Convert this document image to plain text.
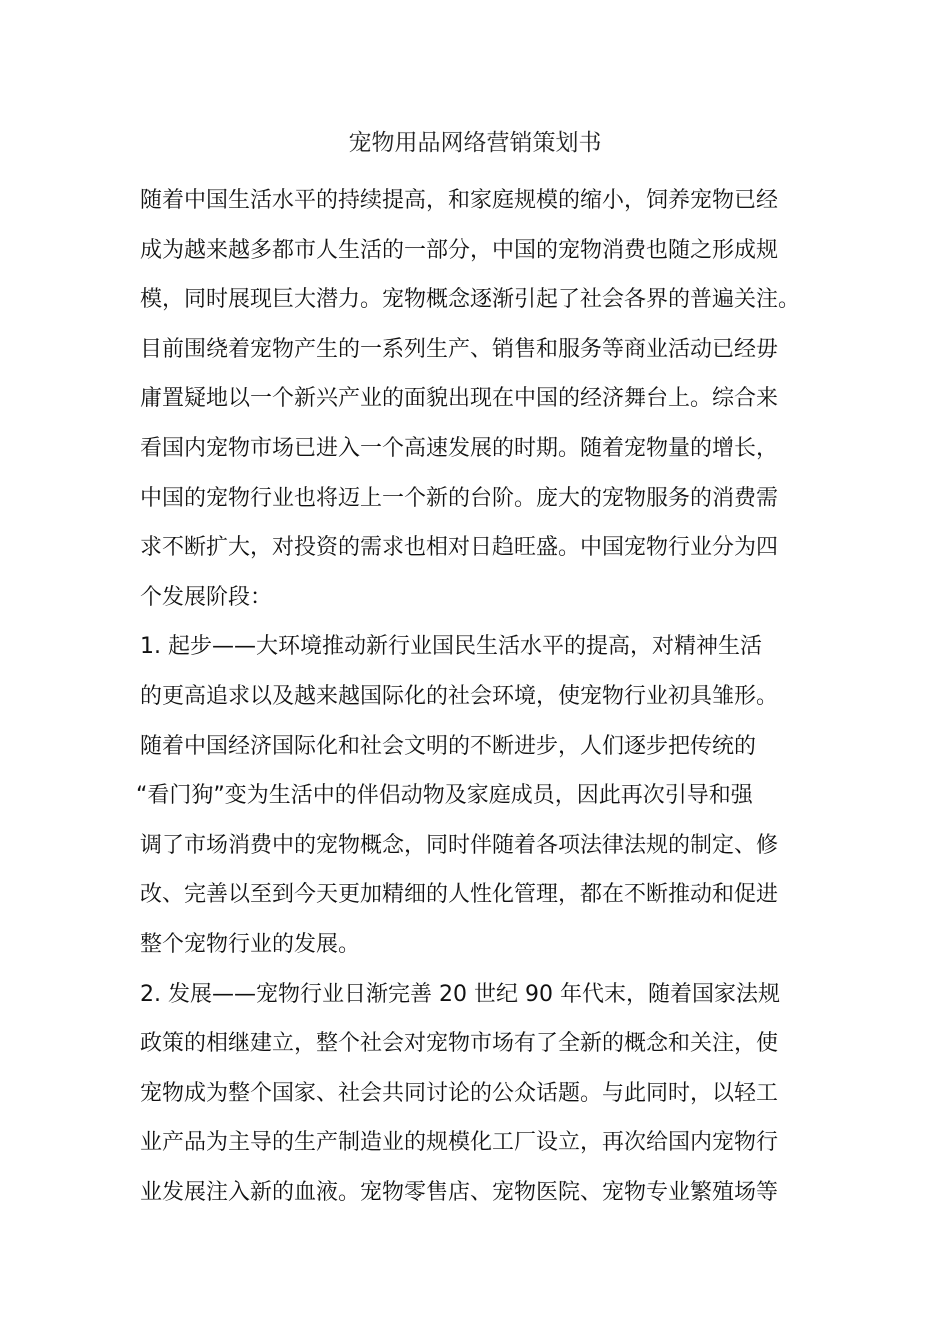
宠物用品网络营销策划书
随着中国生活水平的持续提高，和家庭规模的缩小，饲养宠物已经
成为越来越多都市人生活的一部分，中国的宠物消费也随之形成规
模，同时展现巨大潜力。宠物概念逐渐引起了社会各界的普遍关注。
目前围绕着宠物产生的一系列生产、销售和服务等商业活动已经毋
庸置疑地以一个新兴产业的面貌出现在中国的经济舞台上。综合来
看国内宠物市场已进入一个高速发展的时期。随着宠物量的增长，
中国的宠物行业也将迈上一个新的台阶。庞大的宠物服务的消费需
求不断扩大，对投资的需求也相对日趋旺盛。中国宠物行业分为四
个发展阶段：
1. 起步——大环境推动新行业国民生活水平的提高，对精神生活
的更高追求以及越来越国际化的社会环境，使宠物行业初具雏形。
随着中国经济国际化和社会文明的不断进步，人们逐步把传统的
“看门狗”变为生活中的伴侣动物及家庭成员，因此再次引导和强
调了市场消费中的宠物概念，同时伴随着各项法律法规的制定、修
改、完善以至到今天更加精细的人性化管理，都在不断推动和促进
整个宠物行业的发展。
2. 发展——宠物行业日渐完善 20 世纪 90 年代末，随着国家法规
政策的相继建立，整个社会对宠物市场有了全新的概念和关注，使
宠物成为整个国家、社会共同讨论的公众话题。与此同时，以轻工
业产品为主导的生产制造业的规模化工厂设立，再次给国内宠物行
业发展注入新的血液。宠物零售店、宠物医院、宠物专业繁殖场等
